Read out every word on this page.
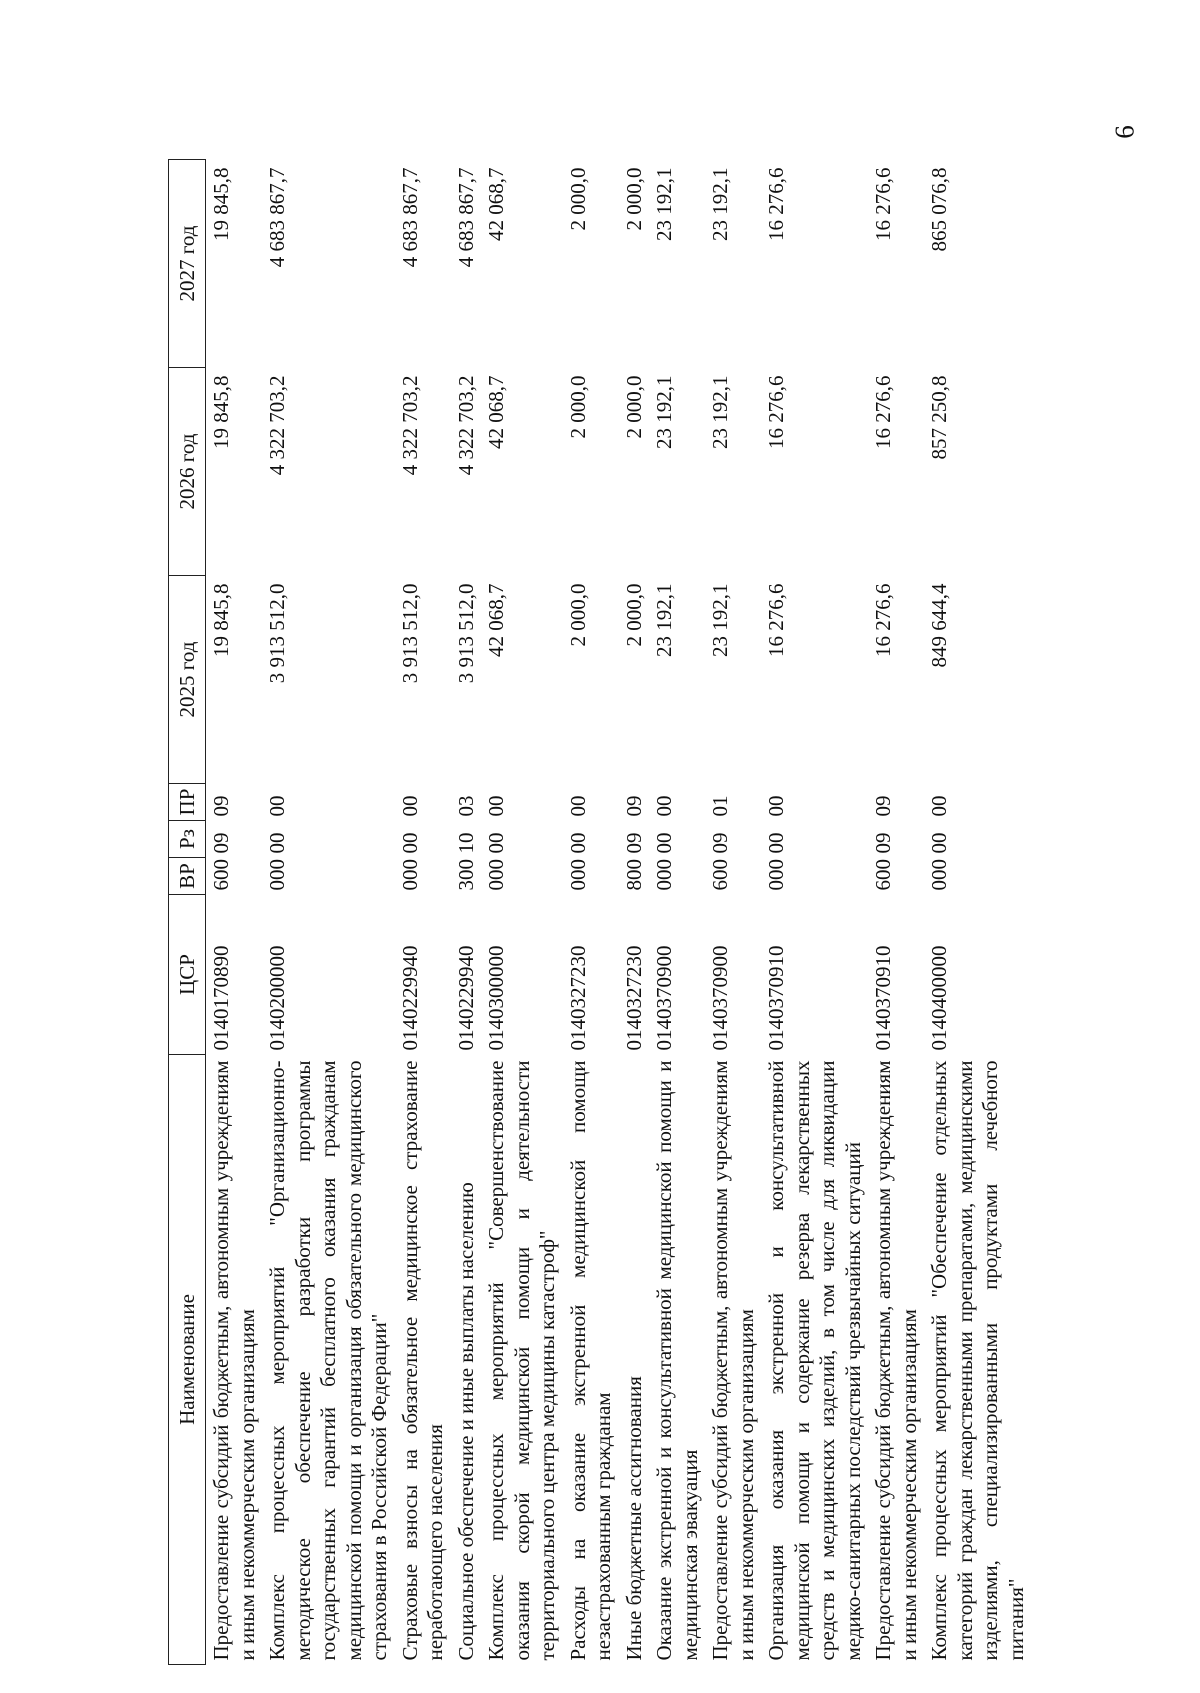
6
Наименование	ЦСР	ВР	Рз	ПР	2025 год	2026 год	2027 год
Предоставление субсидий бюджетным, автономным учреждениям и иным некоммерческим организациям	0140170890	600	09	09	19 845,8	19 845,8	19 845,8
Комплекс процессных мероприятий "Организационно-методическое обеспечение разработки программы государственных гарантий бесплатного оказания гражданам медицинской помощи и организация обязательного медицинского страхования в Российской Федерации"	0140200000	000	00	00	3 913 512,0	4 322 703,2	4 683 867,7
Страховые взносы на обязательное медицинское страхование неработающего населения	0140229940	000	00	00	3 913 512,0	4 322 703,2	4 683 867,7
Социальное обеспечение и иные выплаты населению	0140229940	300	10	03	3 913 512,0	4 322 703,2	4 683 867,7
Комплекс процессных мероприятий "Совершенствование оказания скорой медицинской помощи и деятельности территориального центра медицины катастроф"	0140300000	000	00	00	42 068,7	42 068,7	42 068,7
Расходы на оказание экстренной медицинской помощи незастрахованным гражданам	0140327230	000	00	00	2 000,0	2 000,0	2 000,0
Иные бюджетные ассигнования	0140327230	800	09	09	2 000,0	2 000,0	2 000,0
Оказание экстренной и консультативной медицинской помощи и медицинская эвакуация	0140370900	000	00	00	23 192,1	23 192,1	23 192,1
Предоставление субсидий бюджетным, автономным учреждениям и иным некоммерческим организациям	0140370900	600	09	01	23 192,1	23 192,1	23 192,1
Организация оказания экстренной и консультативной медицинской помощи и содержание резерва лекарственных средств и медицинских изделий, в том числе для ликвидации медико-санитарных последствий чрезвычайных ситуаций	0140370910	000	00	00	16 276,6	16 276,6	16 276,6
Предоставление субсидий бюджетным, автономным учреждениям и иным некоммерческим организациям	0140370910	600	09	09	16 276,6	16 276,6	16 276,6
Комплекс процессных мероприятий "Обеспечение отдельных категорий граждан лекарственными препаратами, медицинскими изделиями, специализированными продуктами лечебного питания"	0140400000	000	00	00	849 644,4	857 250,8	865 076,8
